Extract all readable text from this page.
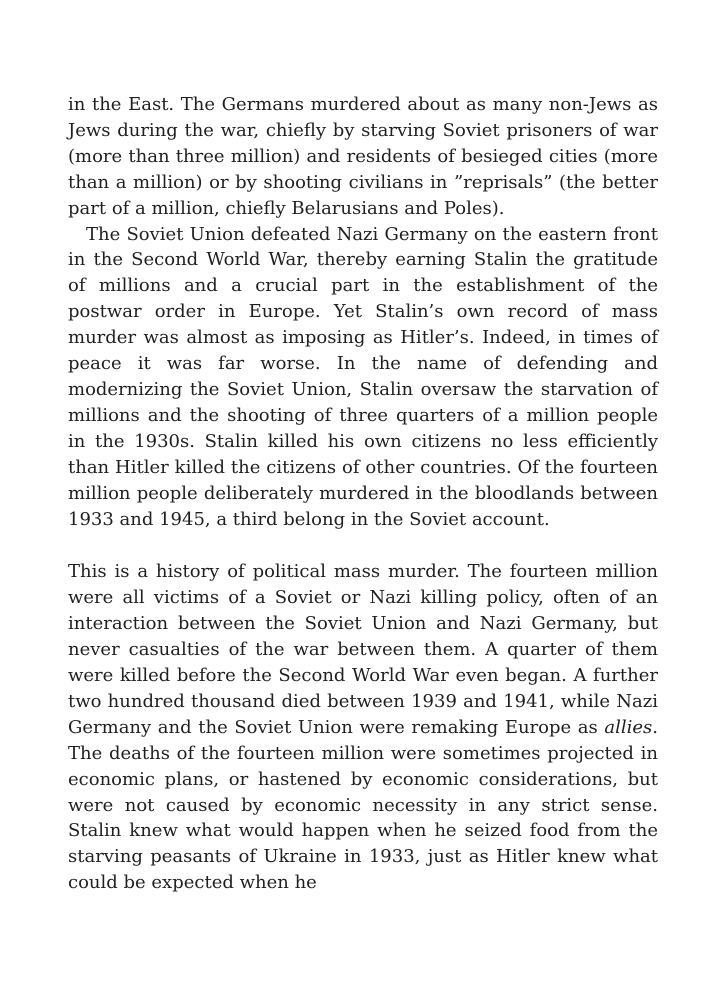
in the East. The Germans murdered about as many non-Jews as Jews during the war, chiefly by starving Soviet prisoners of war (more than three million) and residents of besieged cities (more than a million) or by shooting civilians in ”reprisals” (the better part of a million, chiefly Belarusians and Poles).

The Soviet Union defeated Nazi Germany on the eastern front in the Second World War, thereby earning Stalin the gratitude of millions and a crucial part in the establishment of the postwar order in Europe. Yet Stalin’s own record of mass murder was almost as imposing as Hitler’s. Indeed, in times of peace it was far worse. In the name of defending and modernizing the Soviet Union, Stalin oversaw the starvation of millions and the shooting of three quarters of a million people in the 1930s. Stalin killed his own citizens no less efficiently than Hitler killed the citizens of other countries. Of the fourteen million people deliberately murdered in the bloodlands between 1933 and 1945, a third belong in the Soviet account.

This is a history of political mass murder. The fourteen million were all victims of a Soviet or Nazi killing policy, often of an interaction between the Soviet Union and Nazi Germany, but never casualties of the war between them. A quarter of them were killed before the Second World War even began. A further two hundred thousand died between 1939 and 1941, while Nazi Germany and the Soviet Union were remaking Europe as allies. The deaths of the fourteen million were sometimes projected in economic plans, or hastened by economic considerations, but were not caused by economic necessity in any strict sense. Stalin knew what would happen when he seized food from the starving peasants of Ukraine in 1933, just as Hitler knew what could be expected when he
